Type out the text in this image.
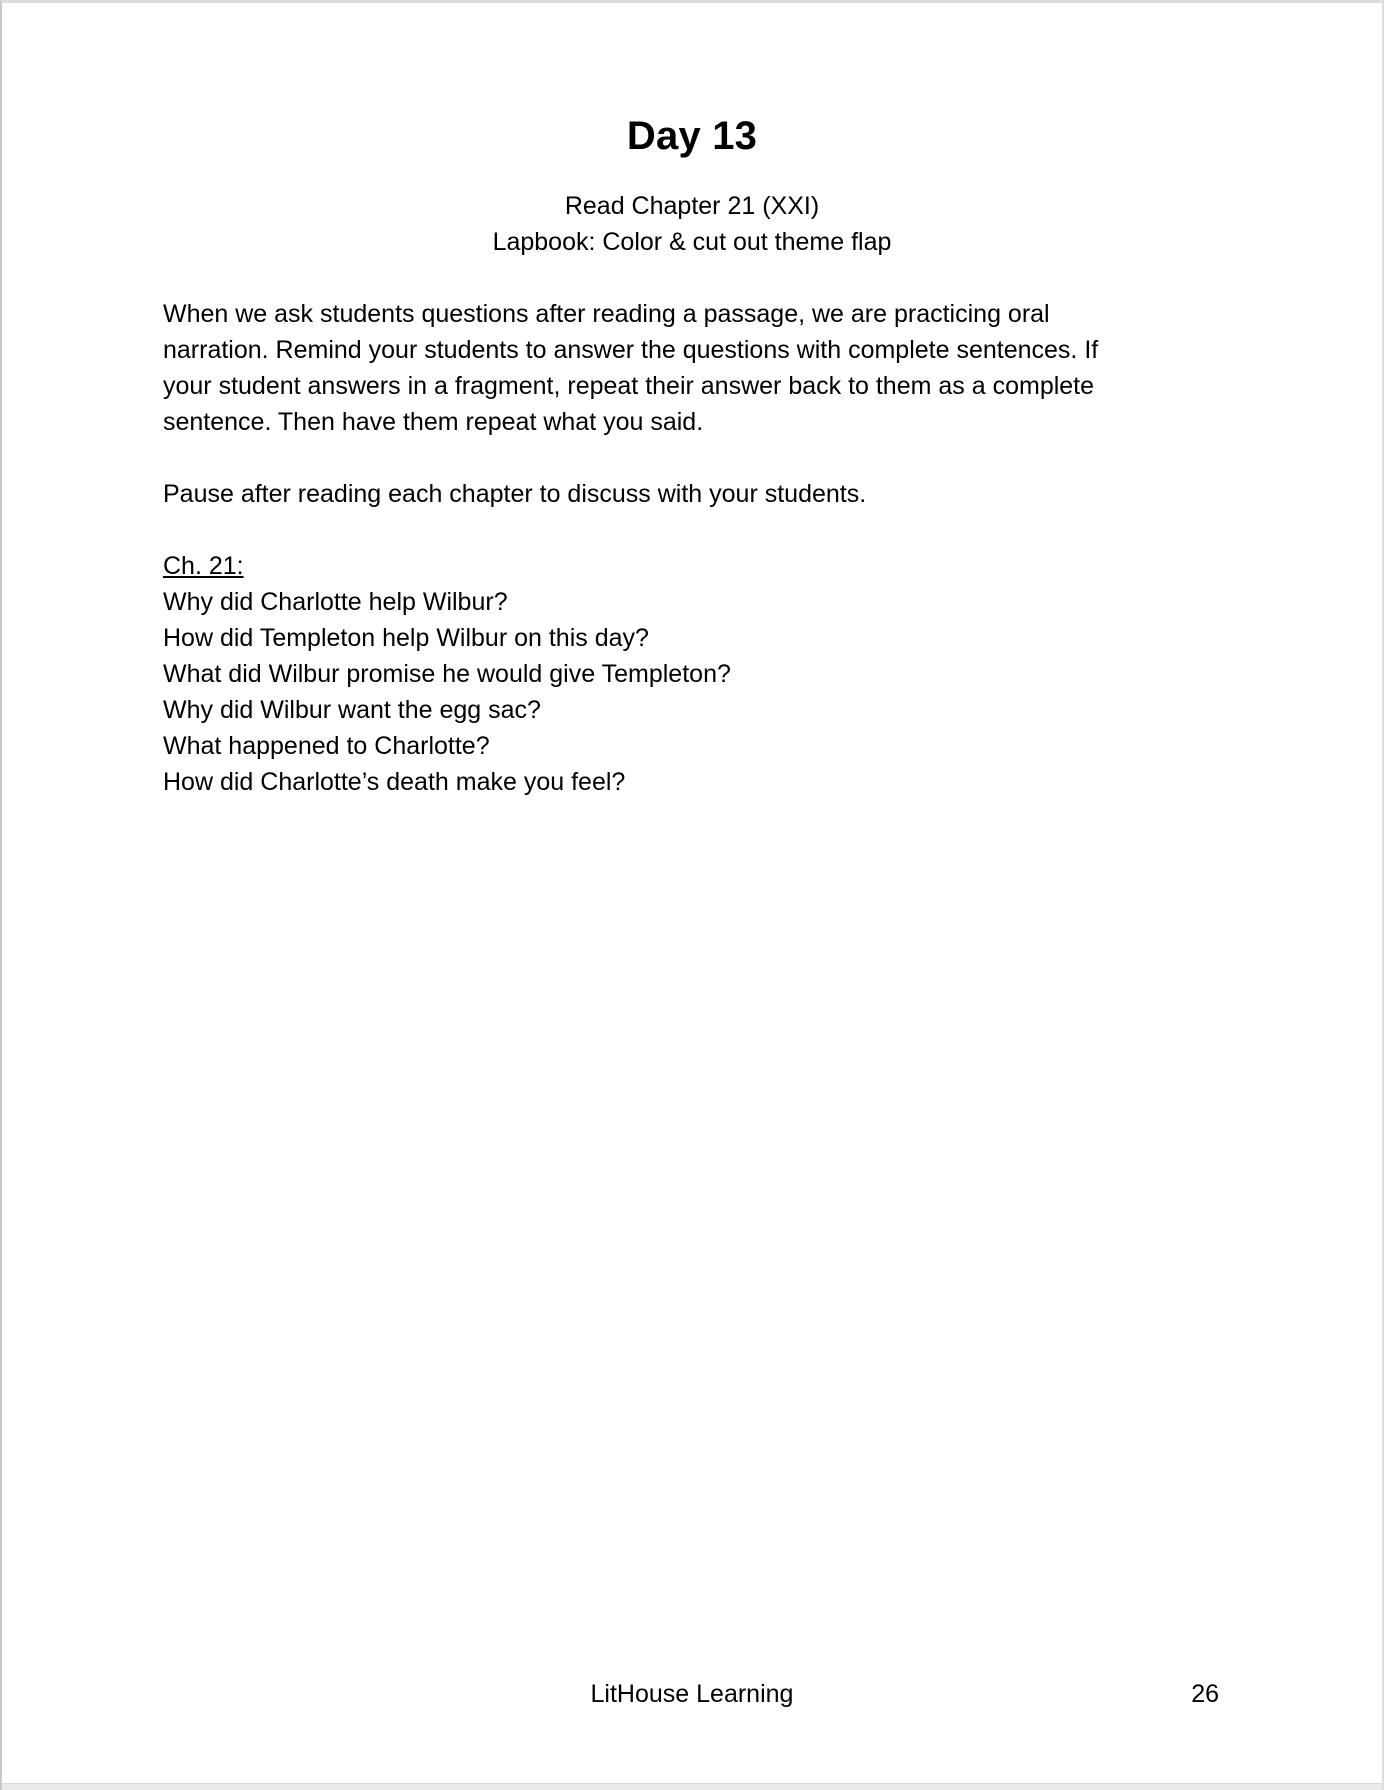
Day 13
Read Chapter 21 (XXI)
Lapbook: Color & cut out theme flap
When we ask students questions after reading a passage, we are practicing oral
narration. Remind your students to answer the questions with complete sentences. If
your student answers in a fragment, repeat their answer back to them as a complete
sentence. Then have them repeat what you said.
Pause after reading each chapter to discuss with your students.
Ch. 21:
Why did Charlotte help Wilbur?
How did Templeton help Wilbur on this day?
What did Wilbur promise he would give Templeton?
Why did Wilbur want the egg sac?
What happened to Charlotte?
How did Charlotte’s death make you feel?
LitHouse Learning	26
